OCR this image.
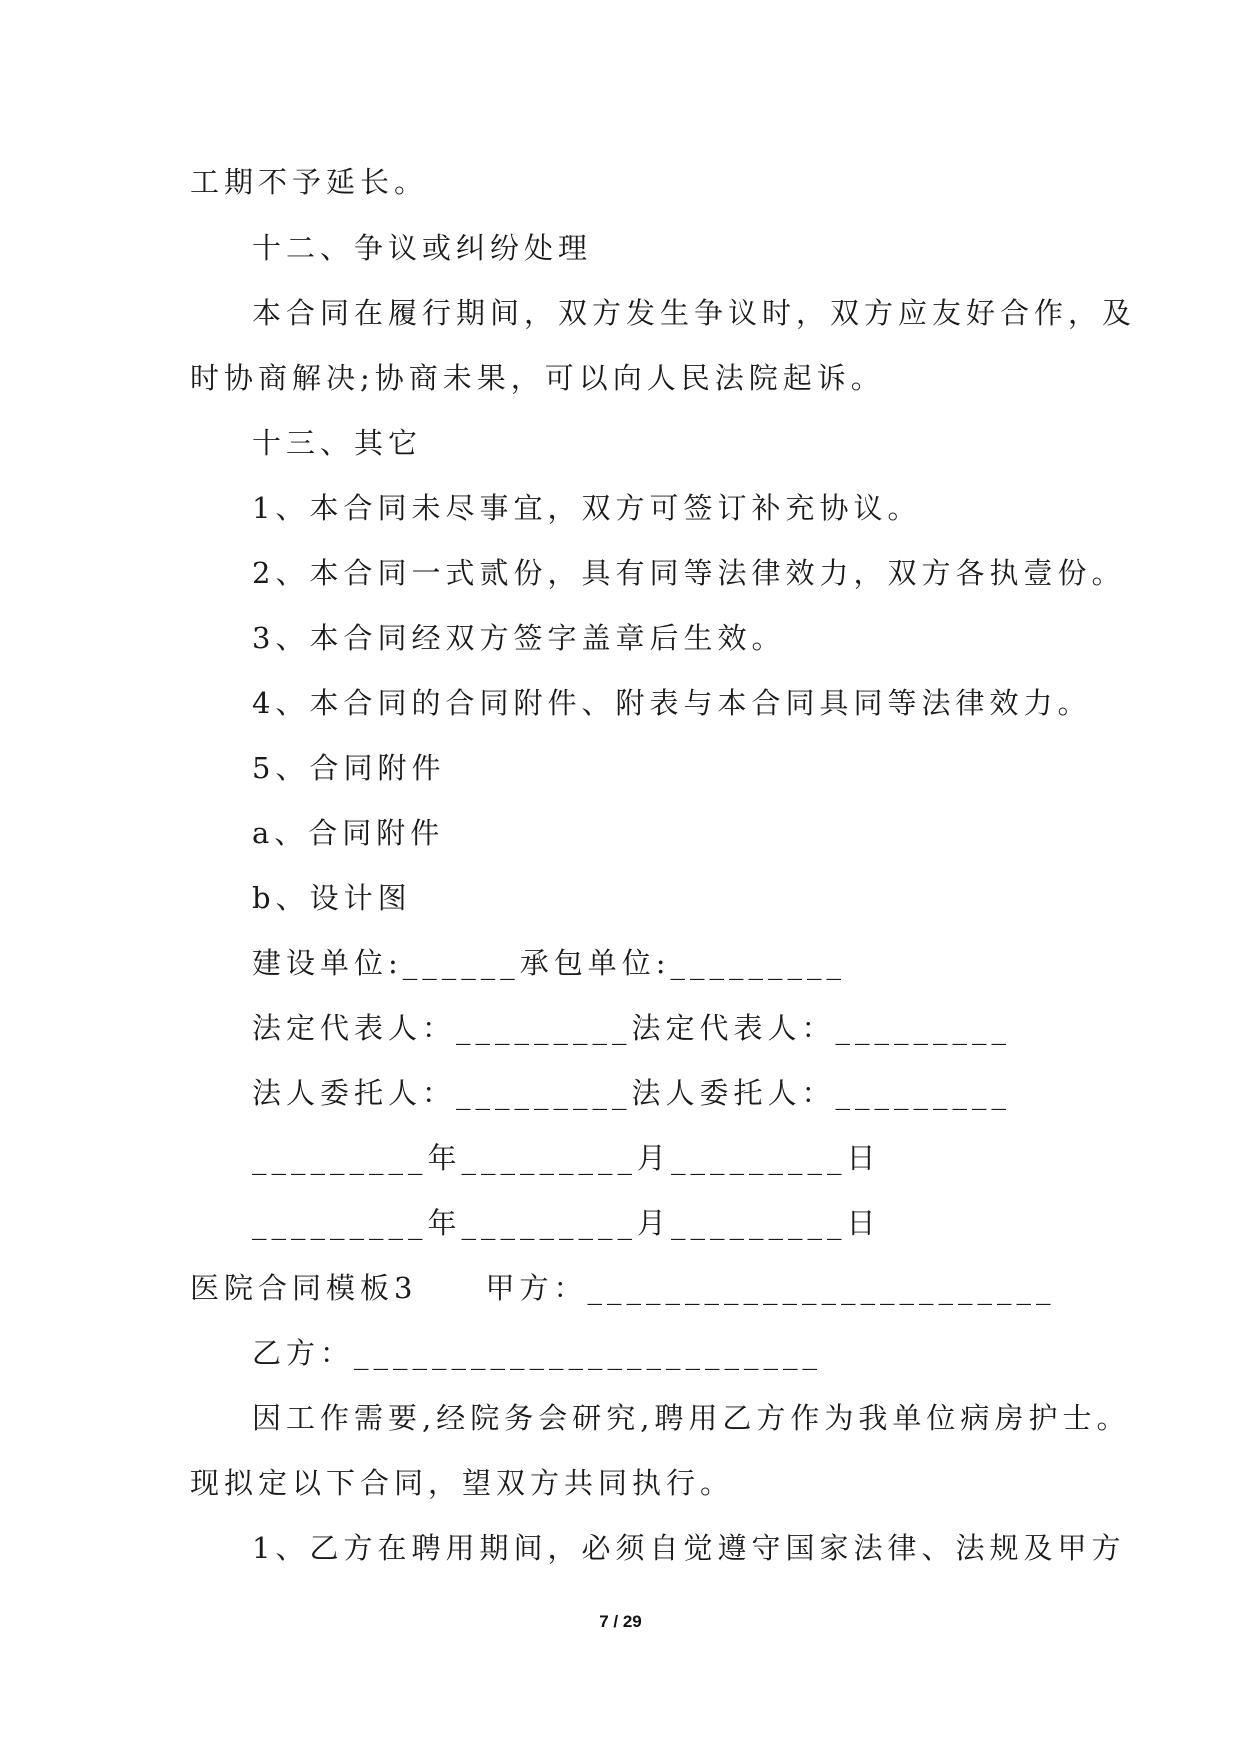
工期不予延长。
十二、争议或纠纷处理
本合同在履行期间，双方发生争议时，双方应友好合作，及
时协商解决;协商未果，可以向人民法院起诉。
十三、其它
1、本合同未尽事宜，双方可签订补充协议。
2、本合同一式贰份，具有同等法律效力，双方各执壹份。
3、本合同经双方签字盖章后生效。
4、本合同的合同附件、附表与本合同具同等法律效力。
5、合同附件
a、合同附件
b、设计图
建设单位:______承包单位:_________
法定代表人：_________法定代表人：_________
法人委托人：_________法人委托人：_________
_________年_________月_________日
_________年_________月_________日
医院合同模板3　　甲方：________________________
乙方：________________________
因工作需要,经院务会研究,聘用乙方作为我单位病房护士。
现拟定以下合同，望双方共同执行。
1、乙方在聘用期间，必须自觉遵守国家法律、法规及甲方
7 / 29
